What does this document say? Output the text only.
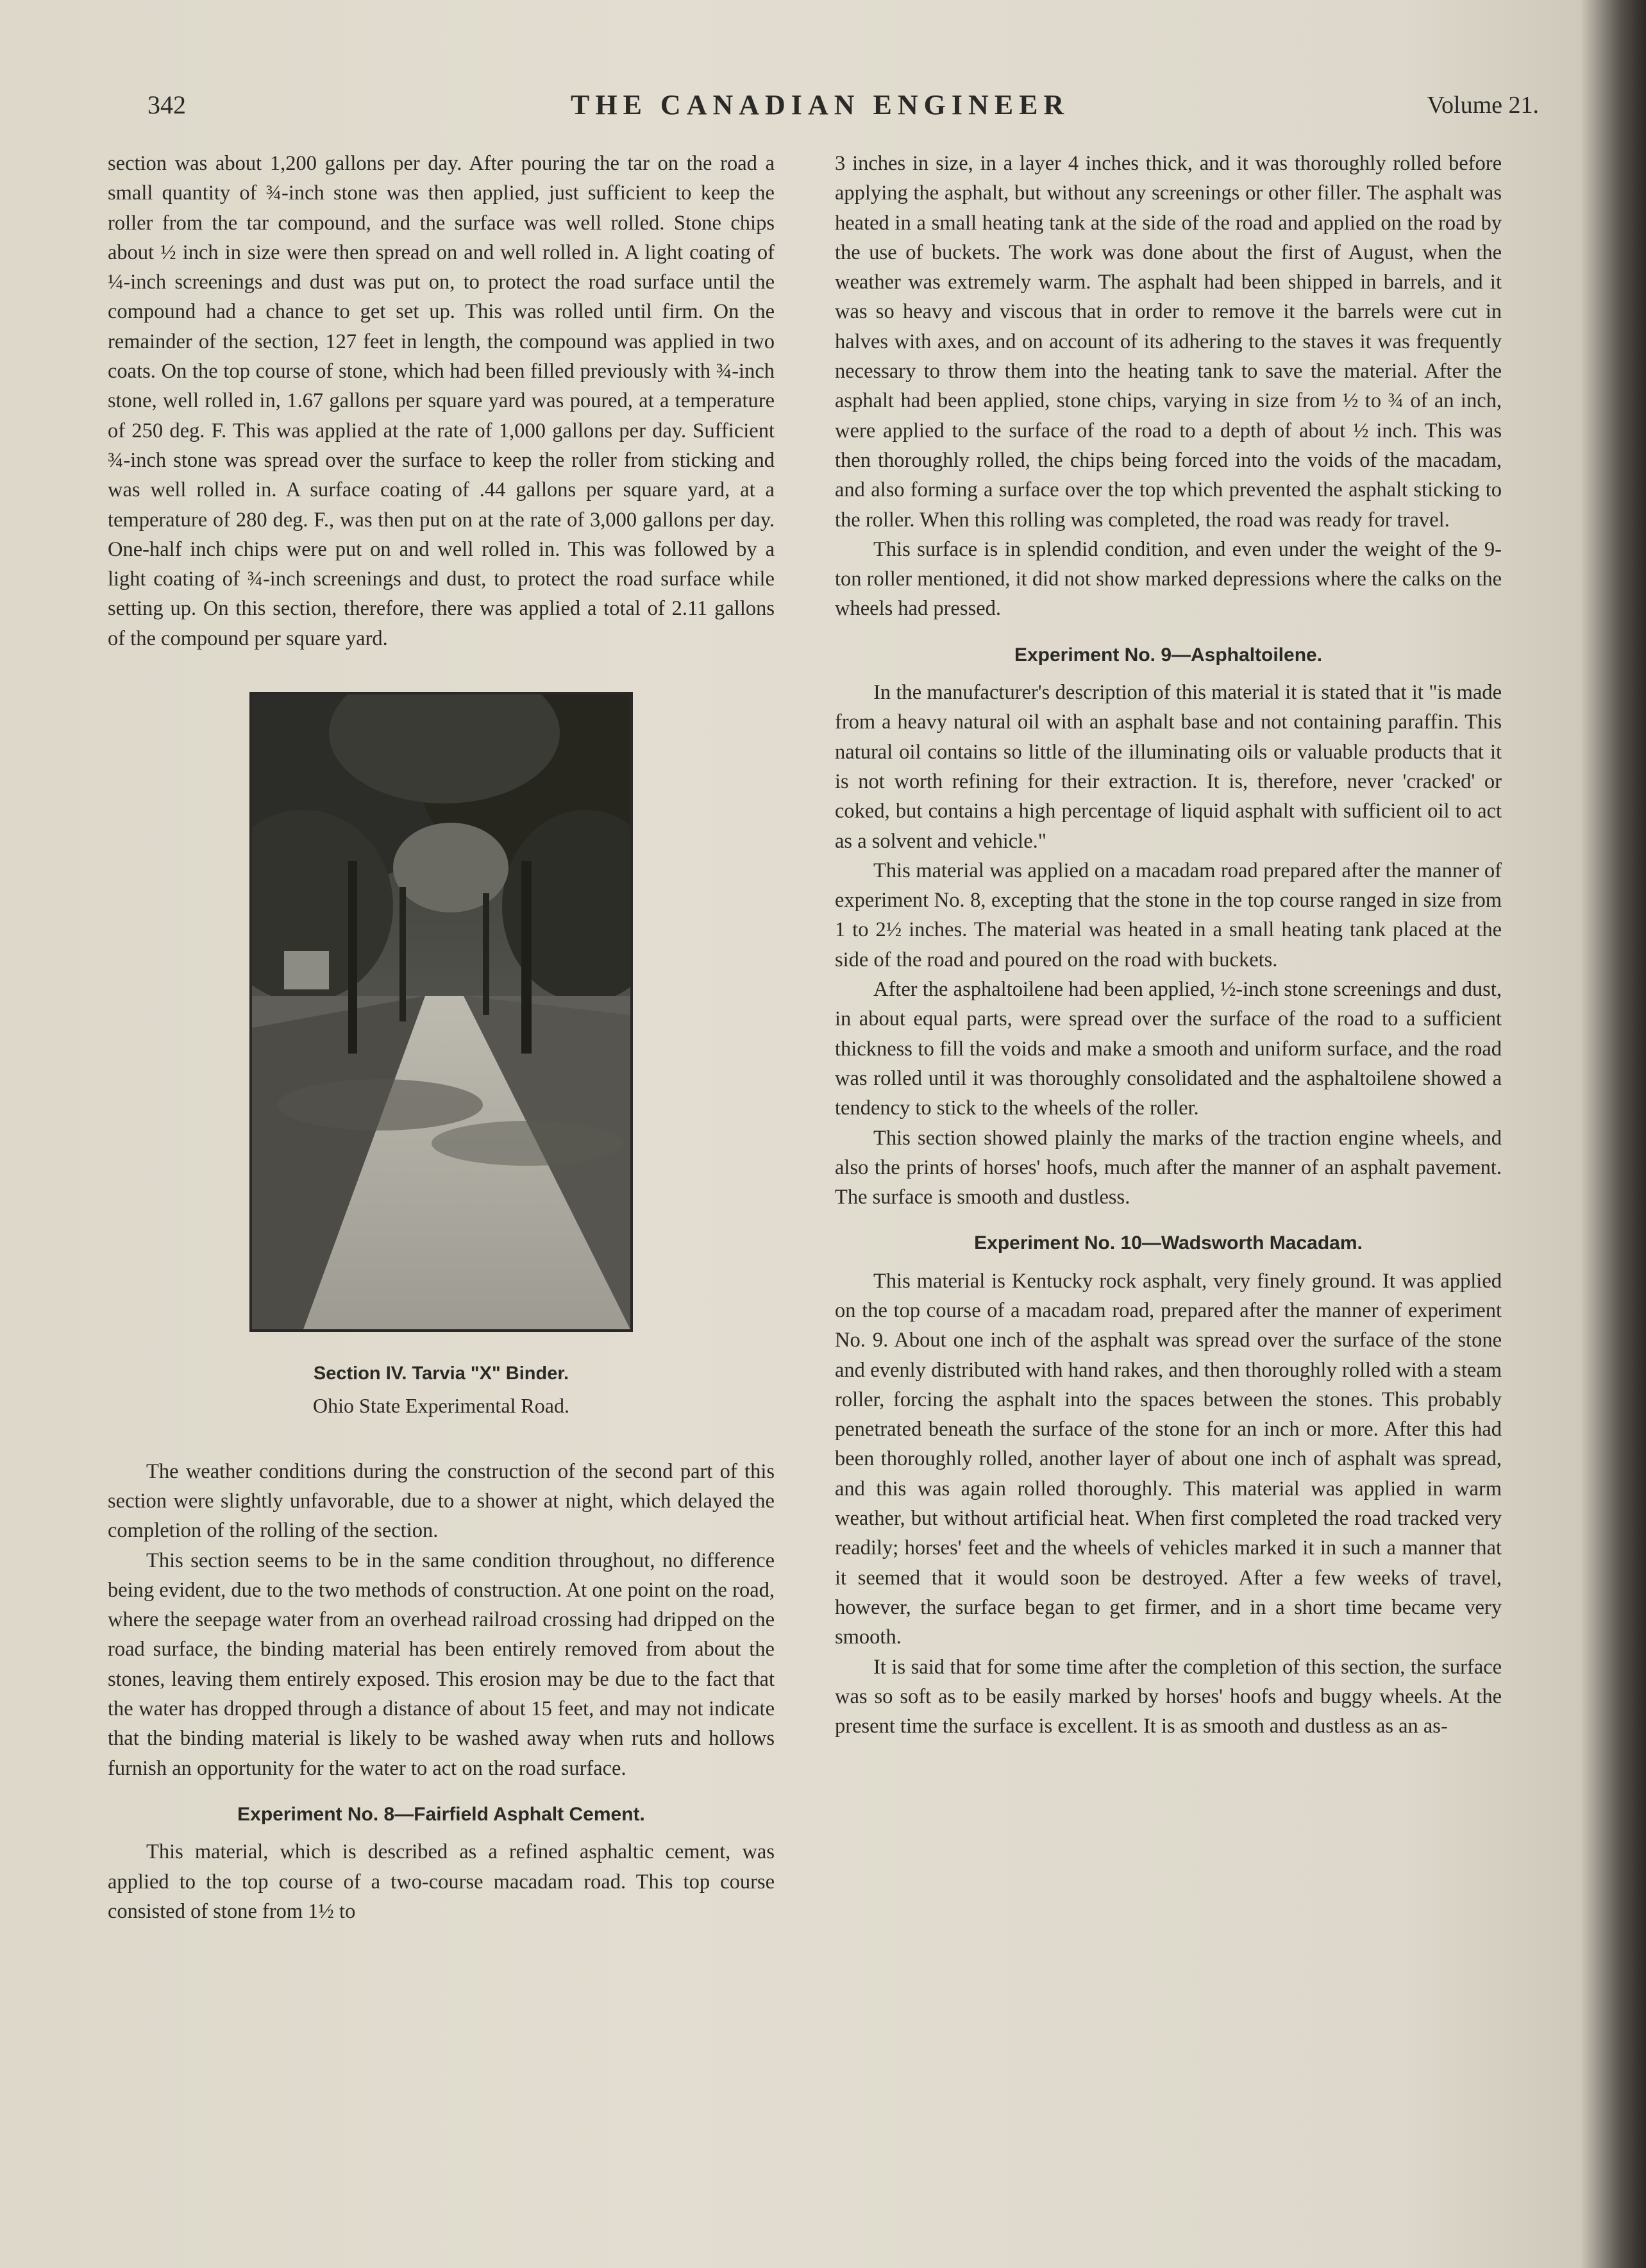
342	THE CANADIAN ENGINEER	Volume 21.

section was about 1,200 gallons per day. After pouring the tar on the road a small quantity of ¾-inch stone was then applied, just sufficient to keep the roller from the tar compound, and the surface was well rolled. Stone chips about ½ inch in size were then spread on and well rolled in. A light coating of ¼-inch screenings and dust was put on, to protect the road surface until the compound had a chance to get set up. This was rolled until firm. On the remainder of the section, 127 feet in length, the compound was applied in two coats. On the top course of stone, which had been filled previously with ¾-inch stone, well rolled in, 1.67 gallons per square yard was poured, at a temperature of 250 deg. F. This was applied at the rate of 1,000 gallons per day. Sufficient ¾-inch stone was spread over the surface to keep the roller from sticking and was well rolled in. A surface coating of .44 gallons per square yard, at a temperature of 280 deg. F., was then put on at the rate of 3,000 gallons per day. One-half inch chips were put on and well rolled in. This was followed by a light coating of ¾-inch screenings and dust, to protect the road surface while setting up. On this section, therefore, there was applied a total of 2.11 gallons of the compound per square yard.

Section IV. Tarvia "X" Binder.
Ohio State Experimental Road.

The weather conditions during the construction of the second part of this section were slightly unfavorable, due to a shower at night, which delayed the completion of the rolling of the section.

This section seems to be in the same condition throughout, no difference being evident, due to the two methods of construction. At one point on the road, where the seepage water from an overhead railroad crossing had dripped on the road surface, the binding material has been entirely removed from about the stones, leaving them entirely exposed. This erosion may be due to the fact that the water has dropped through a distance of about 15 feet, and may not indicate that the binding material is likely to be washed away when ruts and hollows furnish an opportunity for the water to act on the road surface.

Experiment No. 8—Fairfield Asphalt Cement.

This material, which is described as a refined asphaltic cement, was applied to the top course of a two-course macadam road. This top course consisted of stone from 1½ to

3 inches in size, in a layer 4 inches thick, and it was thoroughly rolled before applying the asphalt, but without any screenings or other filler. The asphalt was heated in a small heating tank at the side of the road and applied on the road by the use of buckets. The work was done about the first of August, when the weather was extremely warm. The asphalt had been shipped in barrels, and it was so heavy and viscous that in order to remove it the barrels were cut in halves with axes, and on account of its adhering to the staves it was frequently necessary to throw them into the heating tank to save the material. After the asphalt had been applied, stone chips, varying in size from ½ to ¾ of an inch, were applied to the surface of the road to a depth of about ½ inch. This was then thoroughly rolled, the chips being forced into the voids of the macadam, and also forming a surface over the top which prevented the asphalt sticking to the roller. When this rolling was completed, the road was ready for travel.

This surface is in splendid condition, and even under the weight of the 9-ton roller mentioned, it did not show marked depressions where the calks on the wheels had pressed.

Experiment No. 9—Asphaltoilene.

In the manufacturer's description of this material it is stated that it "is made from a heavy natural oil with an asphalt base and not containing paraffin. This natural oil contains so little of the illuminating oils or valuable products that it is not worth refining for their extraction. It is, therefore, never 'cracked' or coked, but contains a high percentage of liquid asphalt with sufficient oil to act as a solvent and vehicle."

This material was applied on a macadam road prepared after the manner of experiment No. 8, excepting that the stone in the top course ranged in size from 1 to 2½ inches. The material was heated in a small heating tank placed at the side of the road and poured on the road with buckets.

After the asphaltoilene had been applied, ½-inch stone screenings and dust, in about equal parts, were spread over the surface of the road to a sufficient thickness to fill the voids and make a smooth and uniform surface, and the road was rolled until it was thoroughly consolidated and the asphaltoilene showed a tendency to stick to the wheels of the roller.

This section showed plainly the marks of the traction engine wheels, and also the prints of horses' hoofs, much after the manner of an asphalt pavement. The surface is smooth and dustless.

Experiment No. 10—Wadsworth Macadam.

This material is Kentucky rock asphalt, very finely ground. It was applied on the top course of a macadam road, prepared after the manner of experiment No. 9. About one inch of the asphalt was spread over the surface of the stone and evenly distributed with hand rakes, and then thoroughly rolled with a steam roller, forcing the asphalt into the spaces between the stones. This probably penetrated beneath the surface of the stone for an inch or more. After this had been thoroughly rolled, another layer of about one inch of asphalt was spread, and this was again rolled thoroughly. This material was applied in warm weather, but without artificial heat. When first completed the road tracked very readily; horses' feet and the wheels of vehicles marked it in such a manner that it seemed that it would soon be destroyed. After a few weeks of travel, however, the surface began to get firmer, and in a short time became very smooth.

It is said that for some time after the completion of this section, the surface was so soft as to be easily marked by horses' hoofs and buggy wheels. At the present time the surface is excellent. It is as smooth and dustless as an as-
